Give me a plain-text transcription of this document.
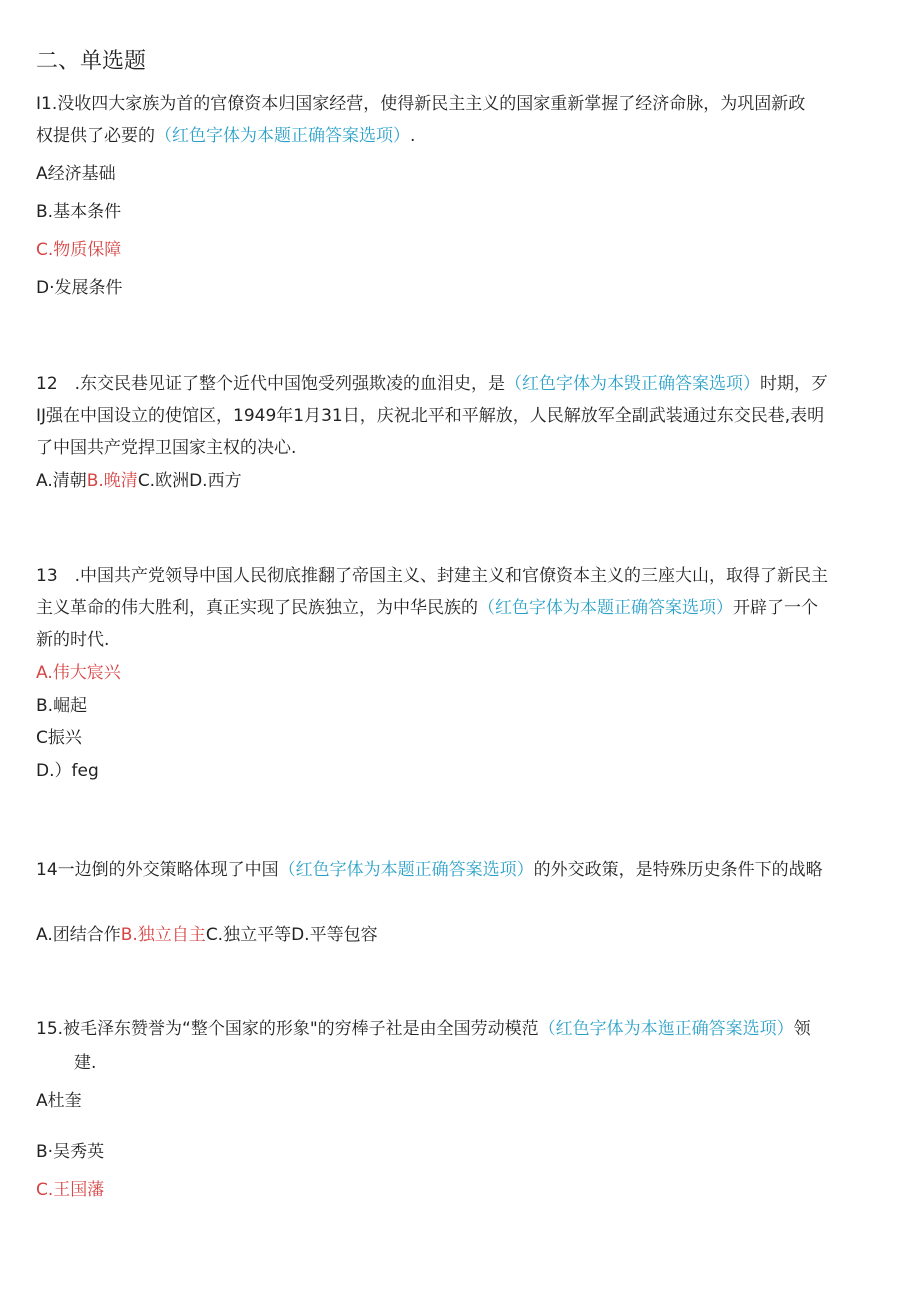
二、单选题
I1.没收四大家族为首的官僚资本归国家经营，使得新民主主义的国家重新掌握了经济命脉，为巩固新政
权提供了必要的（红色字体为本题正确答案选项）.
A经济基础
B.基本条件
C.物质保障
D·发展条件
12　.东交民巷见证了整个近代中国饱受列强欺凌的血泪史，是（红色字体为本毁正确答案选项）时期，歹
IJ强在中国设立的使馆区，1949年1月31日，庆祝北平和平解放，人民解放军全副武装通过东交民巷,表明
了中国共产党捍卫国家主权的决心.
A.清朝B.晚清C.欧洲D.西方
13　.中国共产党领导中国人民彻底推翻了帝国主义、封建主义和官僚资本主义的三座大山，取得了新民主
主义革命的伟大胜利，真正实现了民族独立，为中华民族的（红色字体为本题正确答案选项）开辟了一个
新的时代.
A.伟大宸兴
B.崛起
C振兴
D.）feg
14一边倒的外交策略体现了中国（红色字体为本题正确答案选项）的外交政策，是特殊历史条件下的战略
A.团结合作B.独立自主C.独立平等D.平等包容
15.被毛泽东赞誉为“整个国家的形象"的穷棒子社是由全国劳动模范（红色字体为本迤正确答案选项）领
建.
A杜奎
B·吴秀英
C.王国藩
